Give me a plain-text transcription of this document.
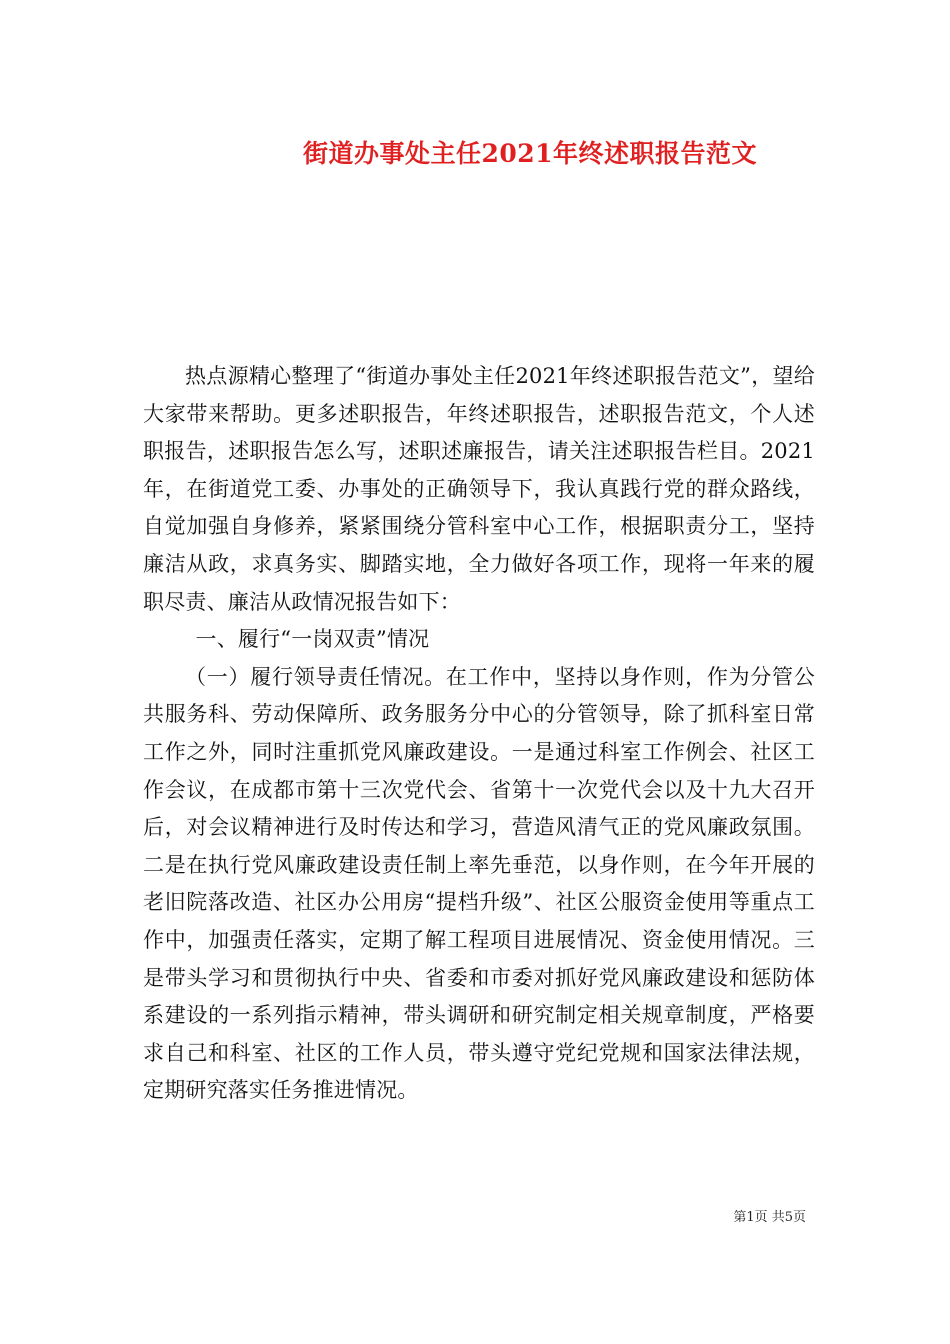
街道办事处主任2021年终述职报告范文

热点源精心整理了“街道办事处主任2021年终述职报告范文”，望给大家带来帮助。更多述职报告，年终述职报告，述职报告范文，个人述职报告，述职报告怎么写，述职述廉报告，请关注述职报告栏目。2021年，在街道党工委、办事处的正确领导下，我认真践行党的群众路线，自觉加强自身修养，紧紧围绕分管科室中心工作，根据职责分工，坚持廉洁从政，求真务实、脚踏实地，全力做好各项工作，现将一年来的履职尽责、廉洁从政情况报告如下：

一、履行“一岗双责”情况

（一）履行领导责任情况。在工作中，坚持以身作则，作为分管公共服务科、劳动保障所、政务服务分中心的分管领导，除了抓科室日常工作之外，同时注重抓党风廉政建设。一是通过科室工作例会、社区工作会议，在成都市第十三次党代会、省第十一次党代会以及十九大召开后，对会议精神进行及时传达和学习，营造风清气正的党风廉政氛围。二是在执行党风廉政建设责任制上率先垂范，以身作则，在今年开展的老旧院落改造、社区办公用房“提档升级”、社区公服资金使用等重点工作中，加强责任落实，定期了解工程项目进展情况、资金使用情况。三是带头学习和贯彻执行中央、省委和市委对抓好党风廉政建设和惩防体系建设的一系列指示精神，带头调研和研究制定相关规章制度，严格要求自己和科室、社区的工作人员，带头遵守党纪党规和国家法律法规，定期研究落实任务推进情况。

第1页 共5页
